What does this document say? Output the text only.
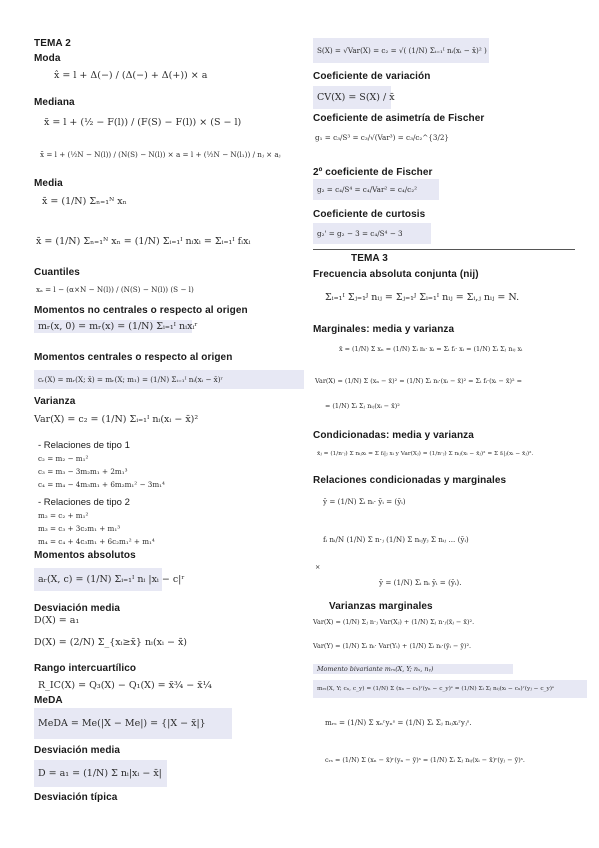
TEMA 2
Moda
x̂ = l + Δ(−) / (Δ(−) + Δ(+)) × a
Mediana
x̃ = l + (½ − F(l)) / (F(S) − F(l)) × (S − l)
x̃ = l + (½N − N(l)) / (N(S) − N(l)) × a = l + (½N − N(l₁)) / nⱼ × aⱼ
Media
x̄ = (1/N) Σₙ₌₁ᴺ xₙ
x̄ = (1/N) Σₙ₌₁ᴺ xₙ = (1/N) Σᵢ₌₁ᴵ nᵢxᵢ = Σᵢ₌₁ᴵ fᵢxᵢ
Cuantiles
xₐ = l − (α×N − N(l)) / (N(S) − N(l)) (S − l)
Momentos no centrales o respecto al origen
mᵣ(x, 0) = mᵣ(x) = (1/N) Σᵢ₌₁ᴵ nᵢxᵢʳ
Momentos centrales o respecto al origen
cᵣ(X) = mᵣ(X; x̄) = mᵣ(X; m₁) = (1/N) Σᵢ₌₁ᴵ nᵢ(xᵢ − x̄)ʳ
Varianza
Var(X) = c₂ = (1/N) Σᵢ₌₁ᴵ nᵢ(xᵢ − x̄)²
- Relaciones de tipo 1
c₂ = m₂ − m₁²
c₃ = m₃ − 3m₂m₁ + 2m₁³
c₄ = m₄ − 4m₃m₁ + 6m₂m₁² − 3m₁⁴
- Relaciones de tipo 2
m₂ = c₂ + m₁²
m₃ = c₃ + 3c₂m₁ + m₁³
m₄ = c₄ + 4c₃m₁ + 6c₂m₁² + m₁⁴
Momentos absolutos
aᵣ(X, c) = (1/N) Σᵢ₌₁ᴵ nᵢ |xᵢ − c|ʳ
Desviación media
D(X) = a₁
D(X) = (2/N) Σ_{xᵢ≥x̄} nᵢ(xᵢ − x̄)
Rango intercuartílico
R_IC(X) = Q₃(X) − Q₁(X) = x̃¾ − x̃¼
MeDA
MeDA = Me(|X − Me|) = {|X − x̃|}
Desviación media
D = a₁ = (1/N) Σ nᵢ|xᵢ − x̄|
Desviación típica
S(X) = √Var(X) = c₂ = √( (1/N) Σᵢ₌₁ᴵ nᵢ(xᵢ − x̄)² )
Coeficiente de variación
CV(X) = S(X) / x̄
Coeficiente de asimetría de Fischer
g₁ = c₃/S³ = c₃/√(Var³) = c₃/c₂^{3/2}
2º coeficiente de Fischer
g₂ = c₄/S⁴ = c₄/Var² = c₄/c₂²
Coeficiente de curtosis
g₂' = g₂ − 3 = c₄/S⁴ − 3
TEMA 3
Frecuencia absoluta conjunta (nij)
Σᵢ₌₁ᴵ Σⱼ₌₁ᴶ nᵢⱼ = Σⱼ₌₁ᴶ Σᵢ₌₁ᴵ nᵢⱼ = Σᵢ,ⱼ nᵢⱼ = N.
Marginales: media y varianza
x̄ = (1/N) Σ xₙ = (1/N) Σᵢ nᵢ· xᵢ = Σᵢ fᵢ· xᵢ = (1/N) Σᵢ Σⱼ nᵢⱼ xᵢ
Var(X) = (1/N) Σ (xₙ − x̄)² = (1/N) Σᵢ nᵢ·(xᵢ − x̄)² = Σᵢ fᵢ·(xᵢ − x̄)² =
= (1/N) Σᵢ Σⱼ nᵢⱼ(xᵢ − x̄)²
Condicionadas: media y varianza
x̄ⱼ = (1/n·ⱼ) Σ nᵢⱼxᵢ = Σ fᵢ|ⱼ xᵢ y Var(Xⱼ) = (1/n·ⱼ) Σ nᵢⱼ(xᵢ − x̄ⱼ)² = Σ fᵢ|ⱼ(xᵢ − x̄ⱼ)².
Relaciones condicionadas y marginales
ȳ = (1/N) Σᵢ nᵢ· ȳᵢ = (ȳᵢ)
fᵢ nᵢ/N (1/N) Σ n·ⱼ (1/N) Σ nᵢⱼyⱼ Σ nᵢⱼ ... (ȳᵢ)
×
ȳ = (1/N) Σᵢ nᵢ ȳᵢ = (ȳᵢ).
Varianzas marginales
Var(X) = (1/N) Σⱼ n·ⱼ Var(Xⱼ) + (1/N) Σⱼ n·ⱼ(x̄ⱼ − x̄)².
Var(Y) = (1/N) Σᵢ nᵢ· Var(Yᵢ) + (1/N) Σᵢ nᵢ·(ȳᵢ − ȳ)².
Momento bivariante mᵣₛ(X, Y; nₓ, nᵧ)
mᵣₛ(X, Y; cₓ, c_y) = (1/N) Σ (xₙ − cₓ)ʳ(yₙ − c_y)ˢ = (1/N) Σᵢ Σⱼ nᵢⱼ(xᵢ − cₓ)ʳ(yⱼ − c_y)ˢ
mᵣₛ = (1/N) Σ xₙʳyₙˢ = (1/N) Σᵢ Σⱼ nᵢⱼxᵢʳyⱼˢ.
cᵣₛ = (1/N) Σ (xₙ − x̄)ʳ(yₙ − ȳ)ˢ = (1/N) Σᵢ Σⱼ nᵢⱼ(xᵢ − x̄)ʳ(yⱼ − ȳ)ˢ.
